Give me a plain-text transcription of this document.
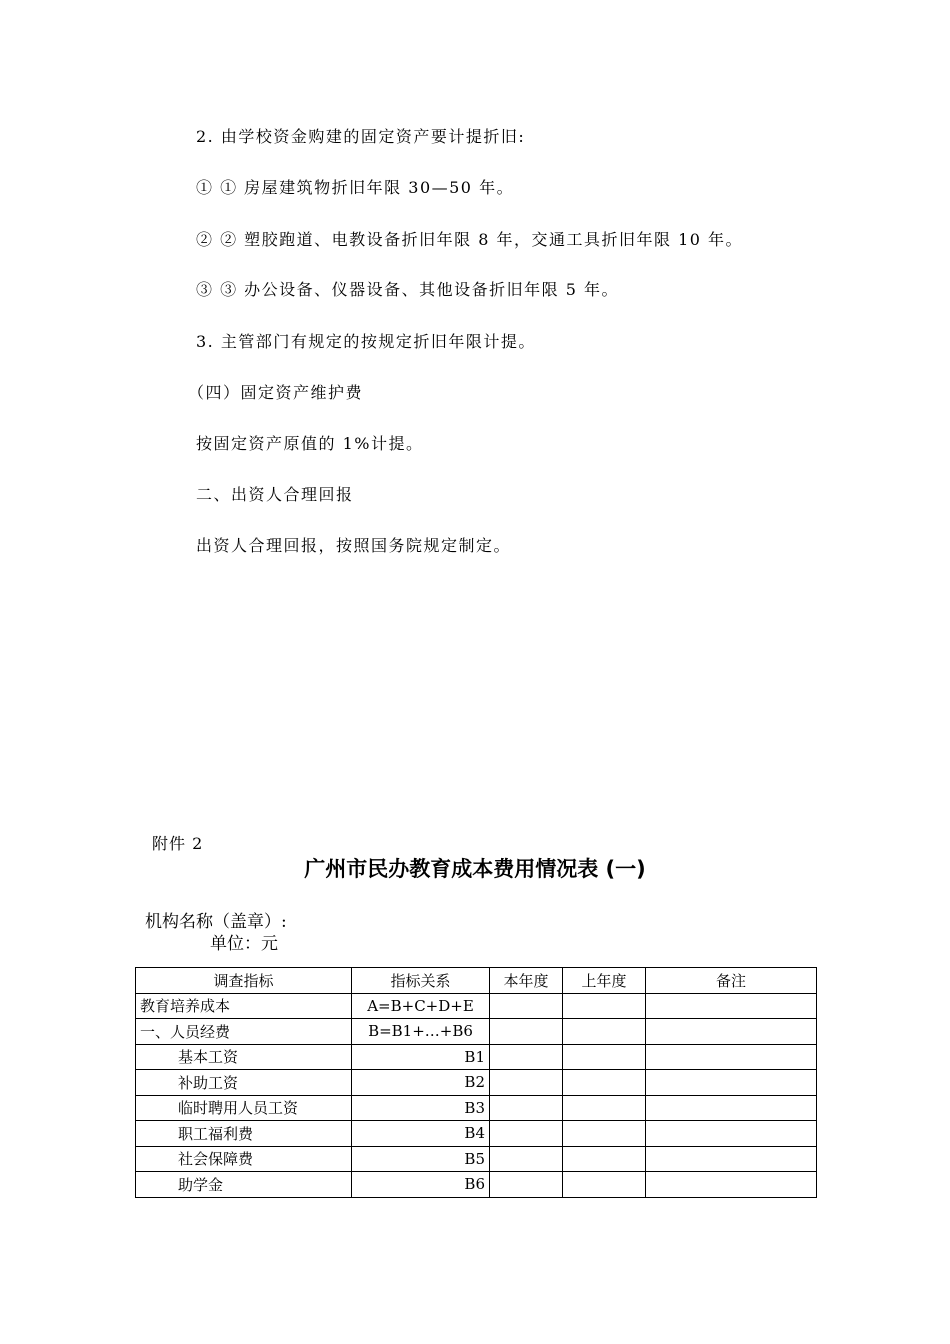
2. 由学校资金购建的固定资产要计提折旧:
① ① 房屋建筑物折旧年限 30—50 年。
② ② 塑胶跑道、电教设备折旧年限 8 年，交通工具折旧年限 10 年。
③ ③ 办公设备、仪器设备、其他设备折旧年限 5 年。
3. 主管部门有规定的按规定折旧年限计提。
（四）固定资产维护费
按固定资产原值的 1%计提。
二、出资人合理回报
出资人合理回报，按照国务院规定制定。
附件 2
广州市民办教育成本费用情况表 (一)
机构名称（盖章）:
单位：元
调查指标	指标关系	本年度	上年度	备注
教育培养成本	A=B+C+D+E			
一、人员经费	B=B1+…+B6			
基本工资	B1			
补助工资	B2			
临时聘用人员工资	B3			
职工福利费	B4			
社会保障费	B5			
助学金	B6			
